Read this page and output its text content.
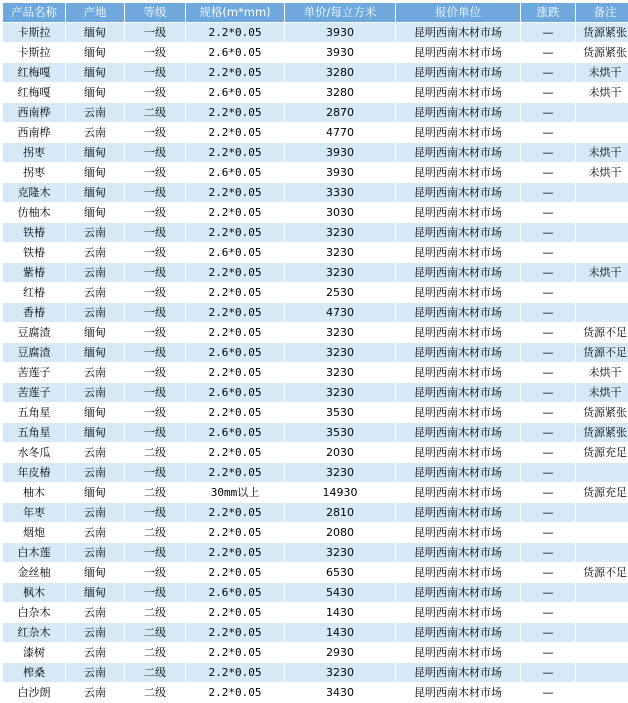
产品名称	产地	等级	规格(m*mm)	单价/每立方米	报价单位	涨跌	备注
卡斯拉	缅甸	一级	2.2*0.05	3930	昆明西南木材市场	—	货源紧张
卡斯拉	缅甸	一级	2.6*0.05	3930	昆明西南木材市场	—	货源紧张
红梅嘎	缅甸	一级	2.2*0.05	3280	昆明西南木材市场	—	未烘干
红梅嘎	缅甸	一级	2.6*0.05	3280	昆明西南木材市场	—	未烘干
西南桦	云南	二级	2.2*0.05	2870	昆明西南木材市场	—	
西南桦	云南	一级	2.2*0.05	4770	昆明西南木材市场	—	
拐枣	缅甸	一级	2.2*0.05	3930	昆明西南木材市场	—	未烘干
拐枣	缅甸	一级	2.6*0.05	3930	昆明西南木材市场	—	未烘干
克隆木	缅甸	一级	2.2*0.05	3330	昆明西南木材市场	—	
仿柚木	缅甸	一级	2.2*0.05	3030	昆明西南木材市场	—	
铁椿	云南	一级	2.2*0.05	3230	昆明西南木材市场	—	
铁椿	云南	一级	2.6*0.05	3230	昆明西南木材市场	—	
紫椿	云南	一级	2.2*0.05	3230	昆明西南木材市场	—	未烘干
红椿	云南	一级	2.2*0.05	2530	昆明西南木材市场	—	
香椿	云南	一级	2.2*0.05	4730	昆明西南木材市场	—	
豆腐渣	缅甸	一级	2.2*0.05	3230	昆明西南木材市场	—	货源不足
豆腐渣	缅甸	一级	2.6*0.05	3230	昆明西南木材市场	—	货源不足
苦莲子	云南	一级	2.2*0.05	3230	昆明西南木材市场	—	未烘干
苦莲子	云南	一级	2.6*0.05	3230	昆明西南木材市场	—	未烘干
五角星	缅甸	一级	2.2*0.05	3530	昆明西南木材市场	—	货源紧张
五角星	缅甸	一级	2.6*0.05	3530	昆明西南木材市场	—	货源紧张
水冬瓜	云南	二级	2.2*0.05	2030	昆明西南木材市场	—	货源充足
年皮椿	云南	一级	2.2*0.05	3230	昆明西南木材市场	—	
柚木	缅甸	二级	30mm以上	14930	昆明西南木材市场	—	货源充足
年枣	云南	一级	2.2*0.05	2810	昆明西南木材市场	—	
烟炮	云南	二级	2.2*0.05	2080	昆明西南木材市场	—	
白木莲	云南	一级	2.2*0.05	3230	昆明西南木材市场	—	
金丝柚	缅甸	一级	2.2*0.05	6530	昆明西南木材市场	—	货源不足
枫木	缅甸	一级	2.6*0.05	5430	昆明西南木材市场	—	
白杂木	云南	二级	2.2*0.05	1430	昆明西南木材市场	—	
红杂木	云南	二级	2.2*0.05	1430	昆明西南木材市场	—	
漆树	云南	二级	2.2*0.05	2930	昆明西南木材市场	—	
榨桑	云南	二级	2.2*0.05	3230	昆明西南木材市场	—	
白沙朗	云南	二级	2.2*0.05	3430	昆明西南木材市场	—	
